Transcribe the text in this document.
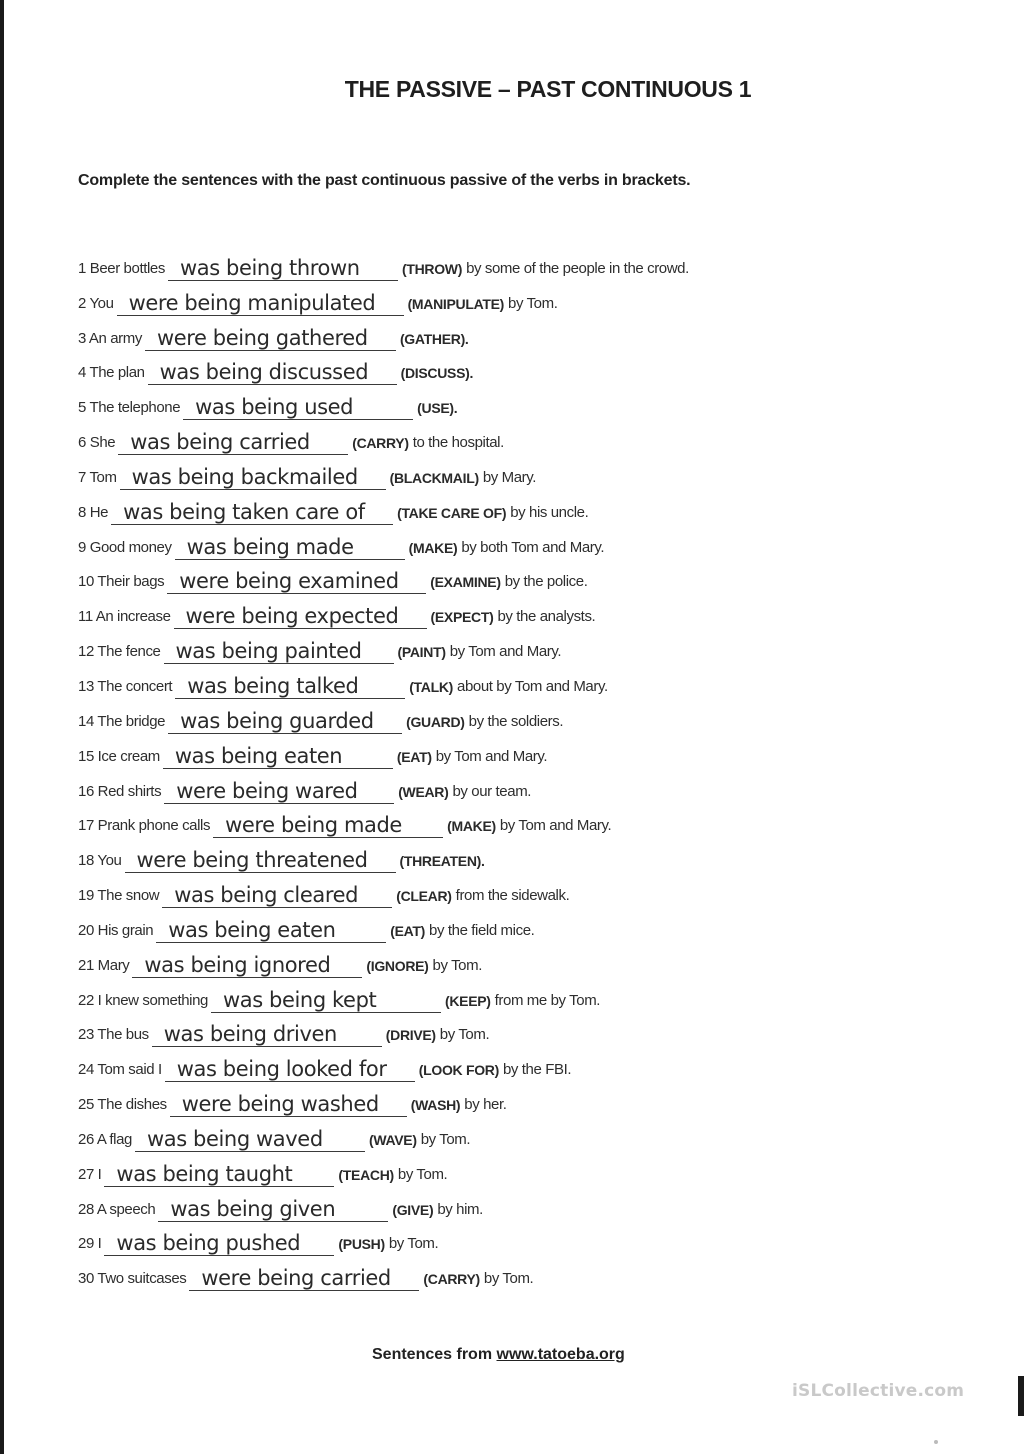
THE PASSIVE – PAST CONTINUOUS 1
Complete the sentences with the past continuous passive of the verbs in brackets.
1 Beer bottles was being thrown	(THROW) by some of the people in the crowd.
2 You were being manipulated (MANIPULATE) by Tom.
3 An army were being gathered (GATHER).
4 The plan was being discussed (DISCUSS).
5 The telephone was being used	(USE).
6 She was being carried	(CARRY) to the hospital.
7 Tom was being backmailed (BLACKMAIL) by Mary.
8 He was being taken care of (TAKE CARE OF) by his uncle.
9 Good money was being made	(MAKE) by both Tom and Mary.
10 Their bags were being examined (EXAMINE) by the police.
11 An increase were being expected (EXPECT) by the analysts.
12 The fence was being painted	(PAINT) by Tom and Mary.
13 The concert was being talked	(TALK) about by Tom and Mary.
14 The bridge was being guarded (GUARD) by the soldiers.
15 Ice cream was being eaten	(EAT) by Tom and Mary.
16 Red shirts were being wared	(WEAR) by our team.
17 Prank phone calls were being made	(MAKE) by Tom and Mary.
18 You were being threatened (THREATEN).
19 The snow was being cleared	(CLEAR) from the sidewalk.
20 His grain was being eaten	(EAT) by the field mice.
21 Mary was being ignored	(IGNORE) by Tom.
22 I knew something was being kept	(KEEP) from me by Tom.
23 The bus was being driven	(DRIVE) by Tom.
24 Tom said I was being looked for (LOOK FOR) by the FBI.
25 The dishes were being washed (WASH) by her.
26 A flag was being waved	(WAVE) by Tom.
27 I was being taught	(TEACH) by Tom.
28 A speech was being given	(GIVE) by him.
29 I was being pushed	(PUSH) by Tom.
30 Two suitcases were being carried (CARRY) by Tom.
Sentences from www.tatoeba.org
iSLCollective.com
